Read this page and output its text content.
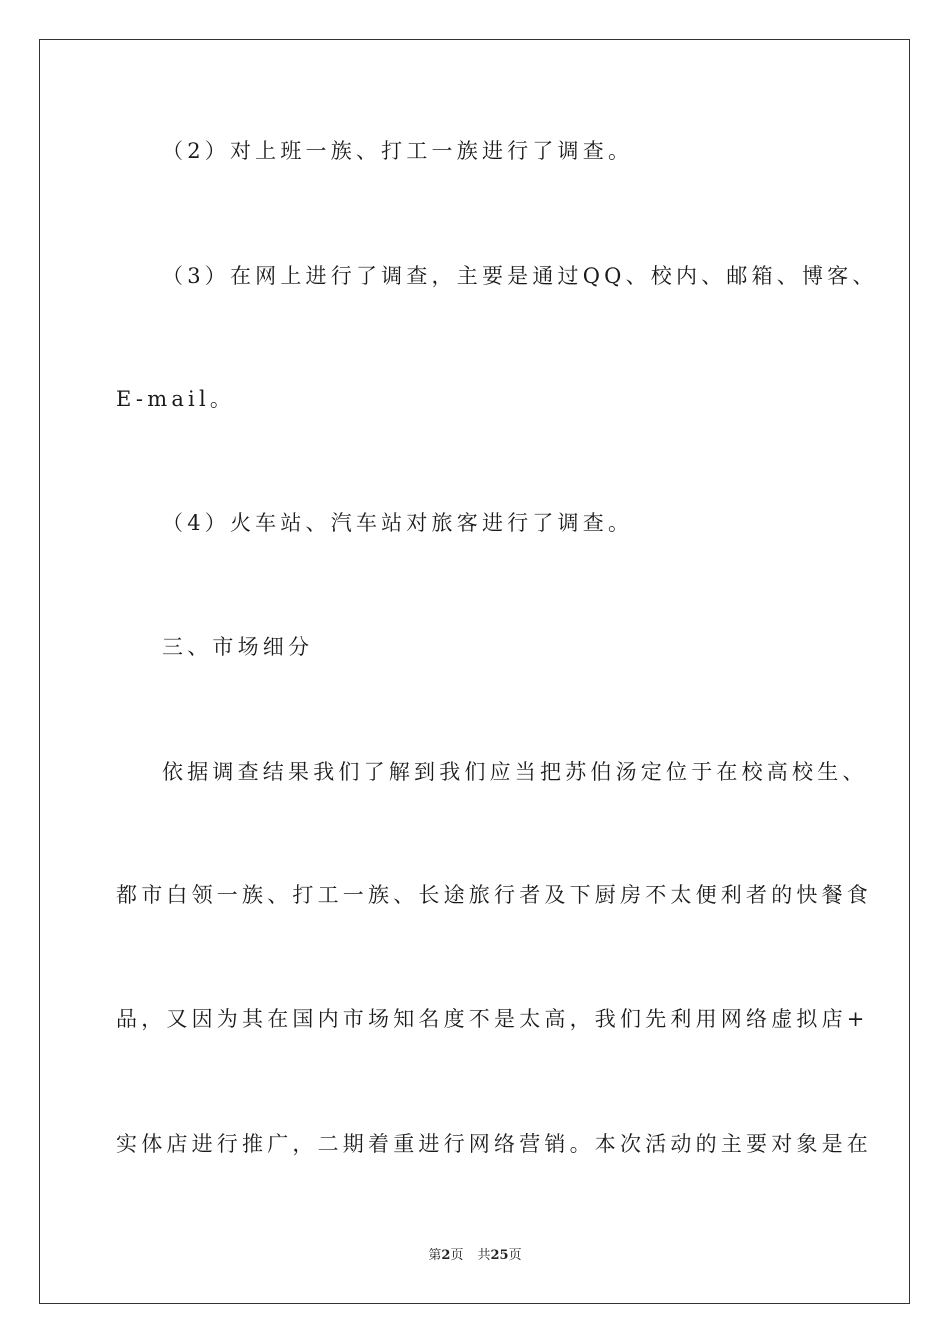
（2）对上班一族、打工一族进行了调查。
（3）在网上进行了调查，主要是通过QQ、校内、邮箱、博客、
E-mail。
（4）火车站、汽车站对旅客进行了调查。
三、市场细分
依据调查结果我们了解到我们应当把苏伯汤定位于在校高校生、
都市白领一族、打工一族、长途旅行者及下厨房不太便利者的快餐食
品，又因为其在国内市场知名度不是太高，我们先利用网络虚拟店+
实体店进行推广，二期着重进行网络营销。本次活动的主要对象是在
第2页 共25页
